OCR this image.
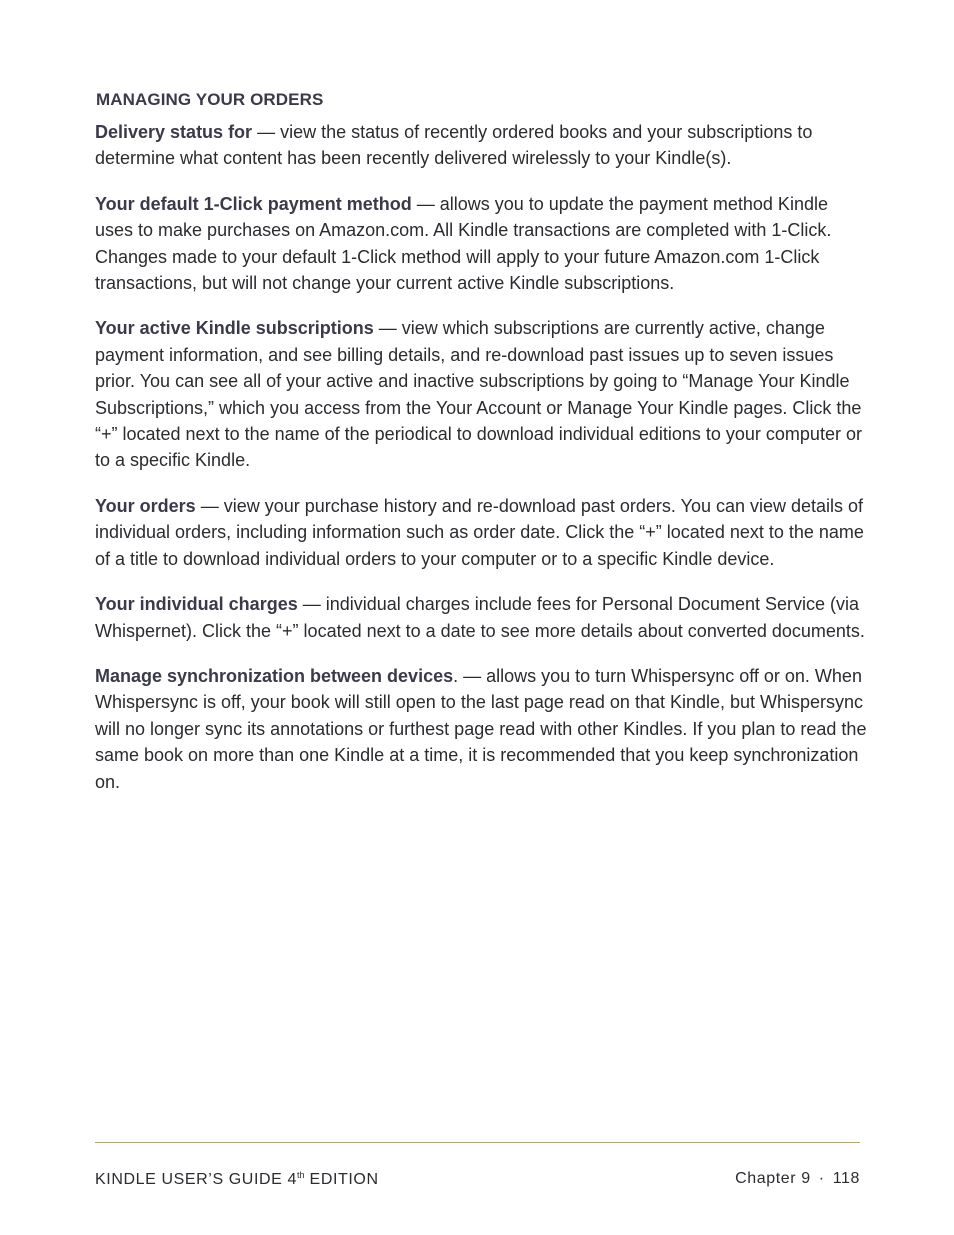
MANAGING YOUR ORDERS

Delivery status for — view the status of recently ordered books and your subscriptions to determine what content has been recently delivered wirelessly to your Kindle(s).

Your default 1-Click payment method — allows you to update the payment method Kindle uses to make purchases on Amazon.com. All Kindle transactions are completed with 1-Click. Changes made to your default 1-Click method will apply to your future Amazon.com 1-Click transactions, but will not change your current active Kindle subscriptions.

Your active Kindle subscriptions — view which subscriptions are currently active, change payment information, and see billing details, and re-download past issues up to seven issues prior. You can see all of your active and inactive subscriptions by going to “Manage Your Kindle Subscriptions,” which you access from the Your Account or Manage Your Kindle pages. Click the “+” located next to the name of the periodical to download individual editions to your computer or to a specific Kindle.

Your orders — view your purchase history and re-download past orders. You can view details of individual orders, including information such as order date. Click the “+” located next to the name of a title to download individual orders to your computer or to a specific Kindle device.

Your individual charges — individual charges include fees for Personal Document Service (via Whispernet). Click the “+” located next to a date to see more details about converted documents.

Manage synchronization between devices. — allows you to turn Whispersync off or on. When Whispersync is off, your book will still open to the last page read on that Kindle, but Whispersync will no longer sync its annotations or furthest page read with other Kindles. If you plan to read the same book on more than one Kindle at a time, it is recommended that you keep synchronization on.

KINDLE USER’S GUIDE 4th EDITION	Chapter 9 · 118
